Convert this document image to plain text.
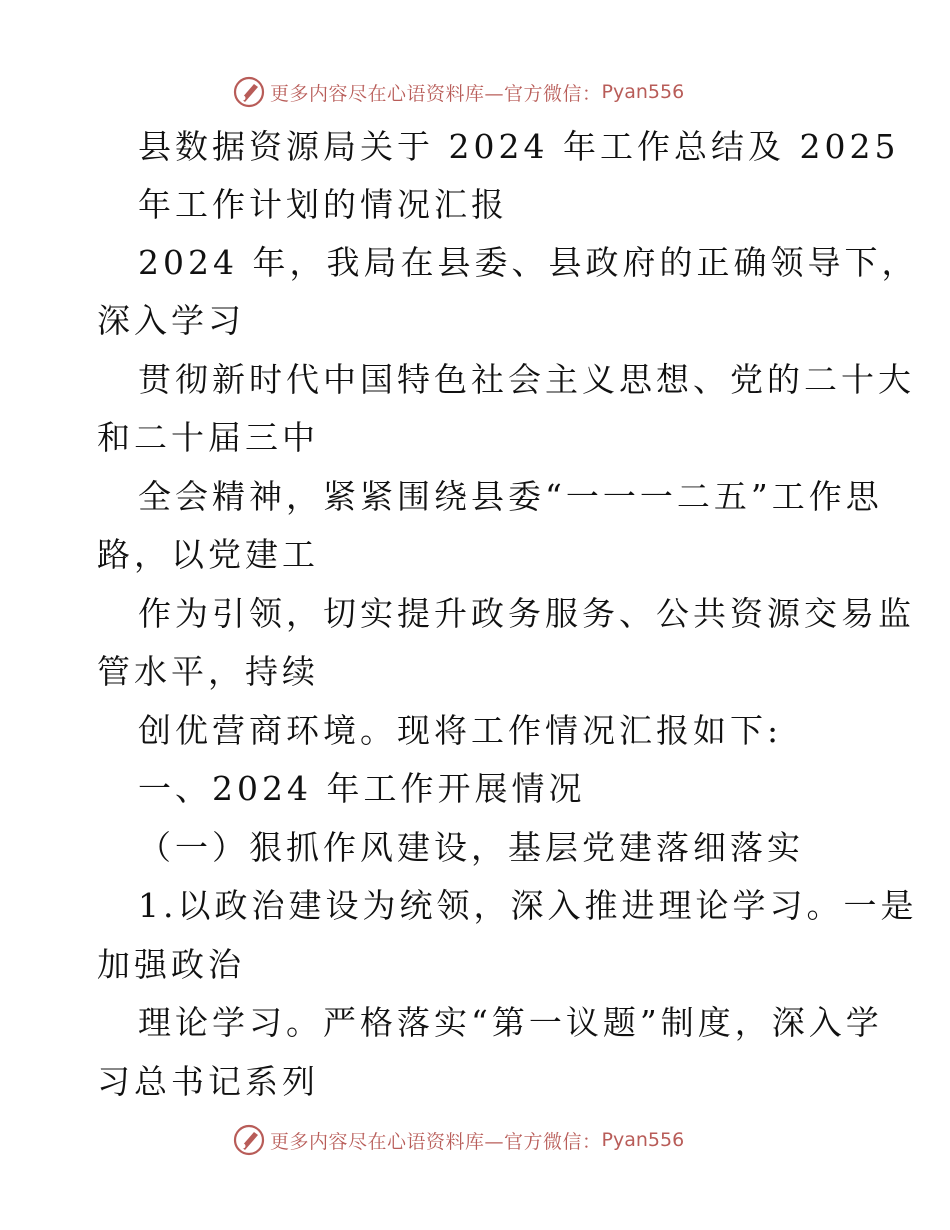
更多内容尽在心语资料库—官方微信： Pyan556
县数据资源局关于 2024 年工作总结及 2025
年工作计划的情况汇报
2024 年，我局在县委、县政府的正确领导下，
深入学习
贯彻新时代中国特色社会主义思想、党的二十大
和二十届三中
全会精神，紧紧围绕县委“一一一二五”工作思
路，以党建工
作为引领，切实提升政务服务、公共资源交易监
管水平，持续
创优营商环境。现将工作情况汇报如下:
一、2024 年工作开展情况
（一）狠抓作风建设，基层党建落细落实
1.以政治建设为统领，深入推进理论学习。一是
加强政治
理论学习。严格落实“第一议题”制度，深入学
习总书记系列
更多内容尽在心语资料库—官方微信： Pyan556
